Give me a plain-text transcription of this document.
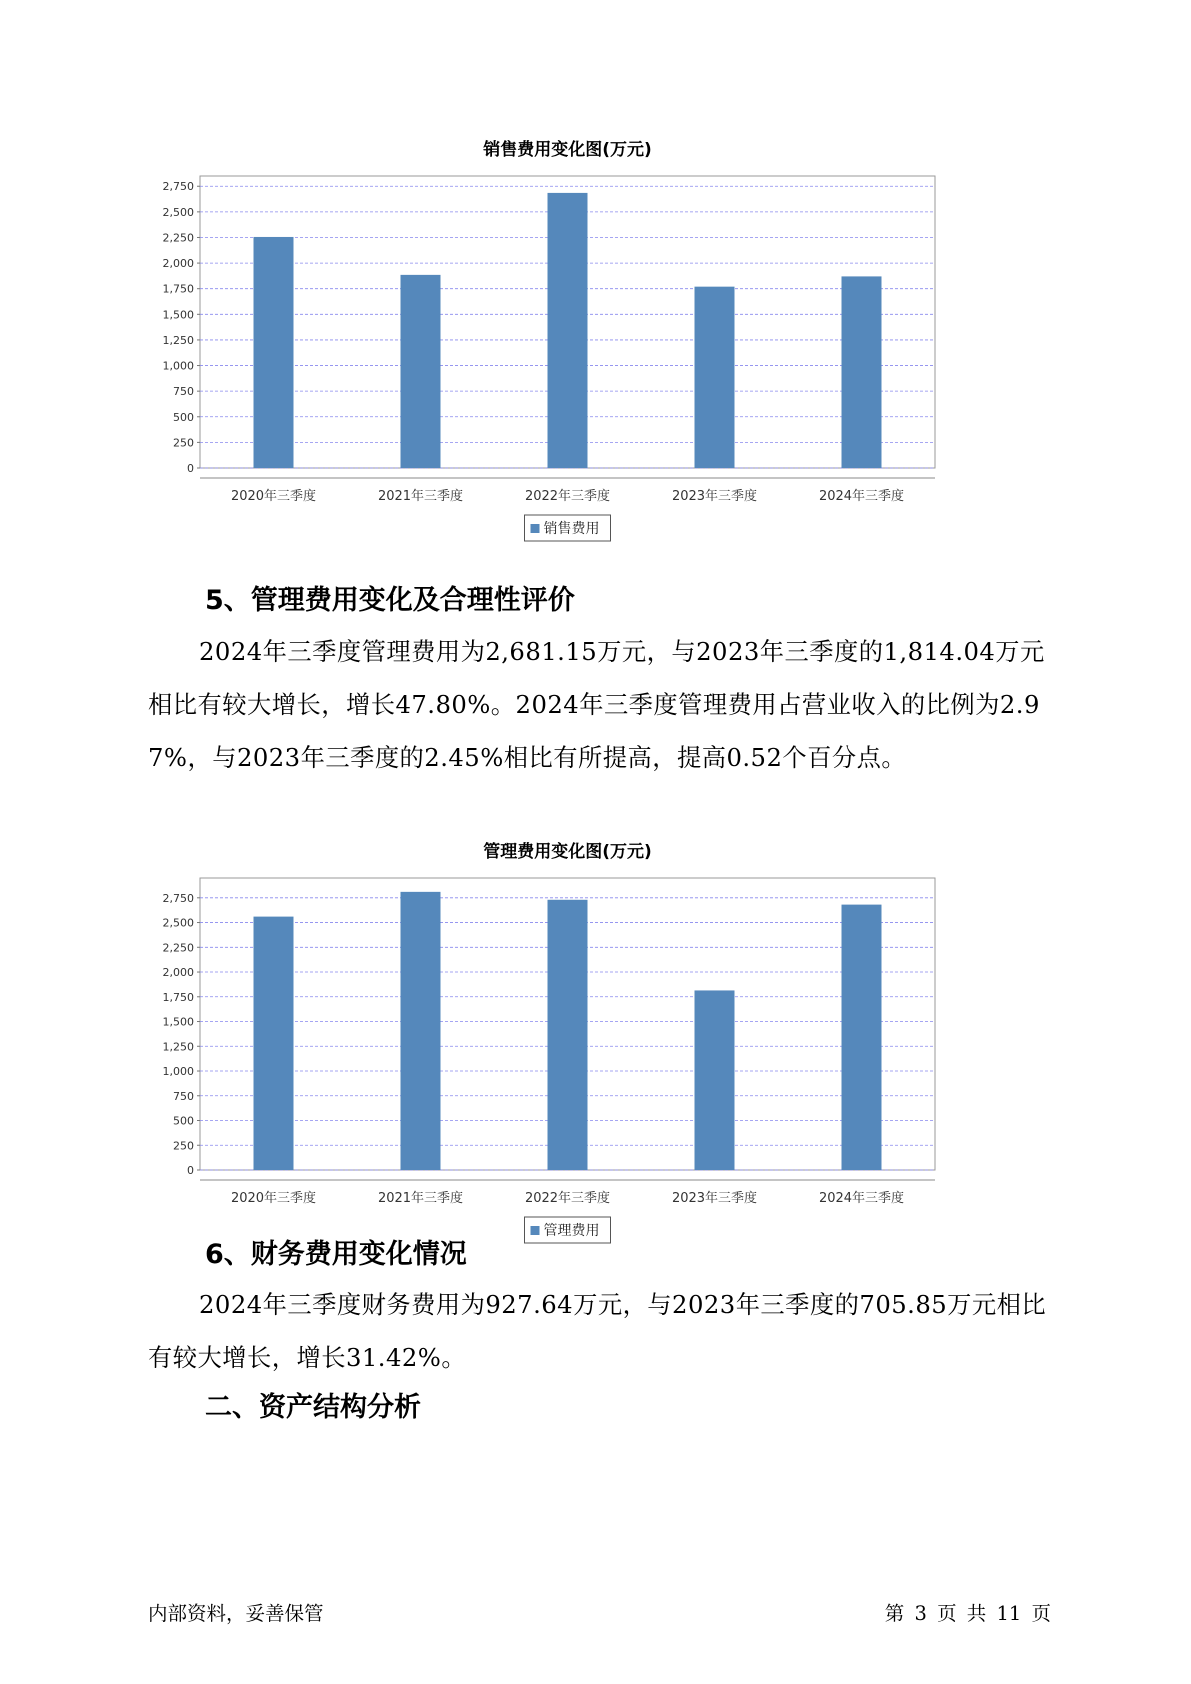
销售费用变化图(万元)
0
250
500
750
1,000
1,250
1,500
1,750
2,000
2,250
2,500
2,750
2020年三季度	2021年三季度	2022年三季度	2023年三季度	2024年三季度
销售费用
5、管理费用变化及合理性评价

2024年三季度管理费用为2,681.15万元，与2023年三季度的1,814.04万元相比有较大增长，增长47.80%。2024年三季度管理费用占营业收入的比例为2.97%，与2023年三季度的2.45%相比有所提高，提高0.52个百分点。

管理费用变化图(万元)
0
250
500
750
1,000
1,250
1,500
1,750
2,000
2,250
2,500
2,750
2020年三季度	2021年三季度	2022年三季度	2023年三季度	2024年三季度
管理费用
6、财务费用变化情况

2024年三季度财务费用为927.64万元，与2023年三季度的705.85万元相比有较大增长，增长31.42%。

二、资产结构分析
内部资料，妥善保管	第 3 页 共 11 页
